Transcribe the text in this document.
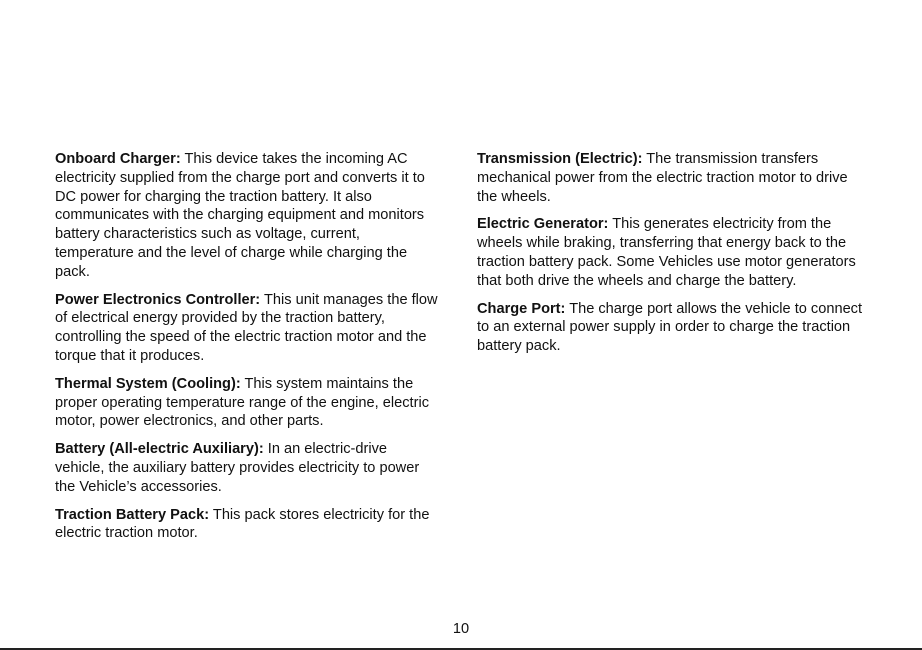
Onboard Charger: This device takes the incoming AC electricity supplied from the charge port and converts it to DC power for charging the traction battery. It also communicates with the charging equipment and monitors battery characteristics such as voltage, current, temperature and the level of charge while charging the pack.

Power Electronics Controller: This unit manages the flow of electrical energy provided by the traction battery, controlling the speed of the electric traction motor and the torque that it produces.

Thermal System (Cooling): This system maintains the proper operating temperature range of the engine, electric motor, power electronics, and other parts.

Battery (All-electric Auxiliary): In an electric-drive vehicle, the auxiliary battery provides electricity to power the Vehicle’s accessories.

Traction Battery Pack: This pack stores electricity for the electric traction motor.

Transmission (Electric): The transmission transfers mechanical power from the electric traction motor to drive the wheels.

Electric Generator: This generates electricity from the wheels while braking, transferring that energy back to the traction battery pack. Some Vehicles use motor generators that both drive the wheels and charge the battery.

Charge Port: The charge port allows the vehicle to connect to an external power supply in order to charge the traction battery pack.

10
